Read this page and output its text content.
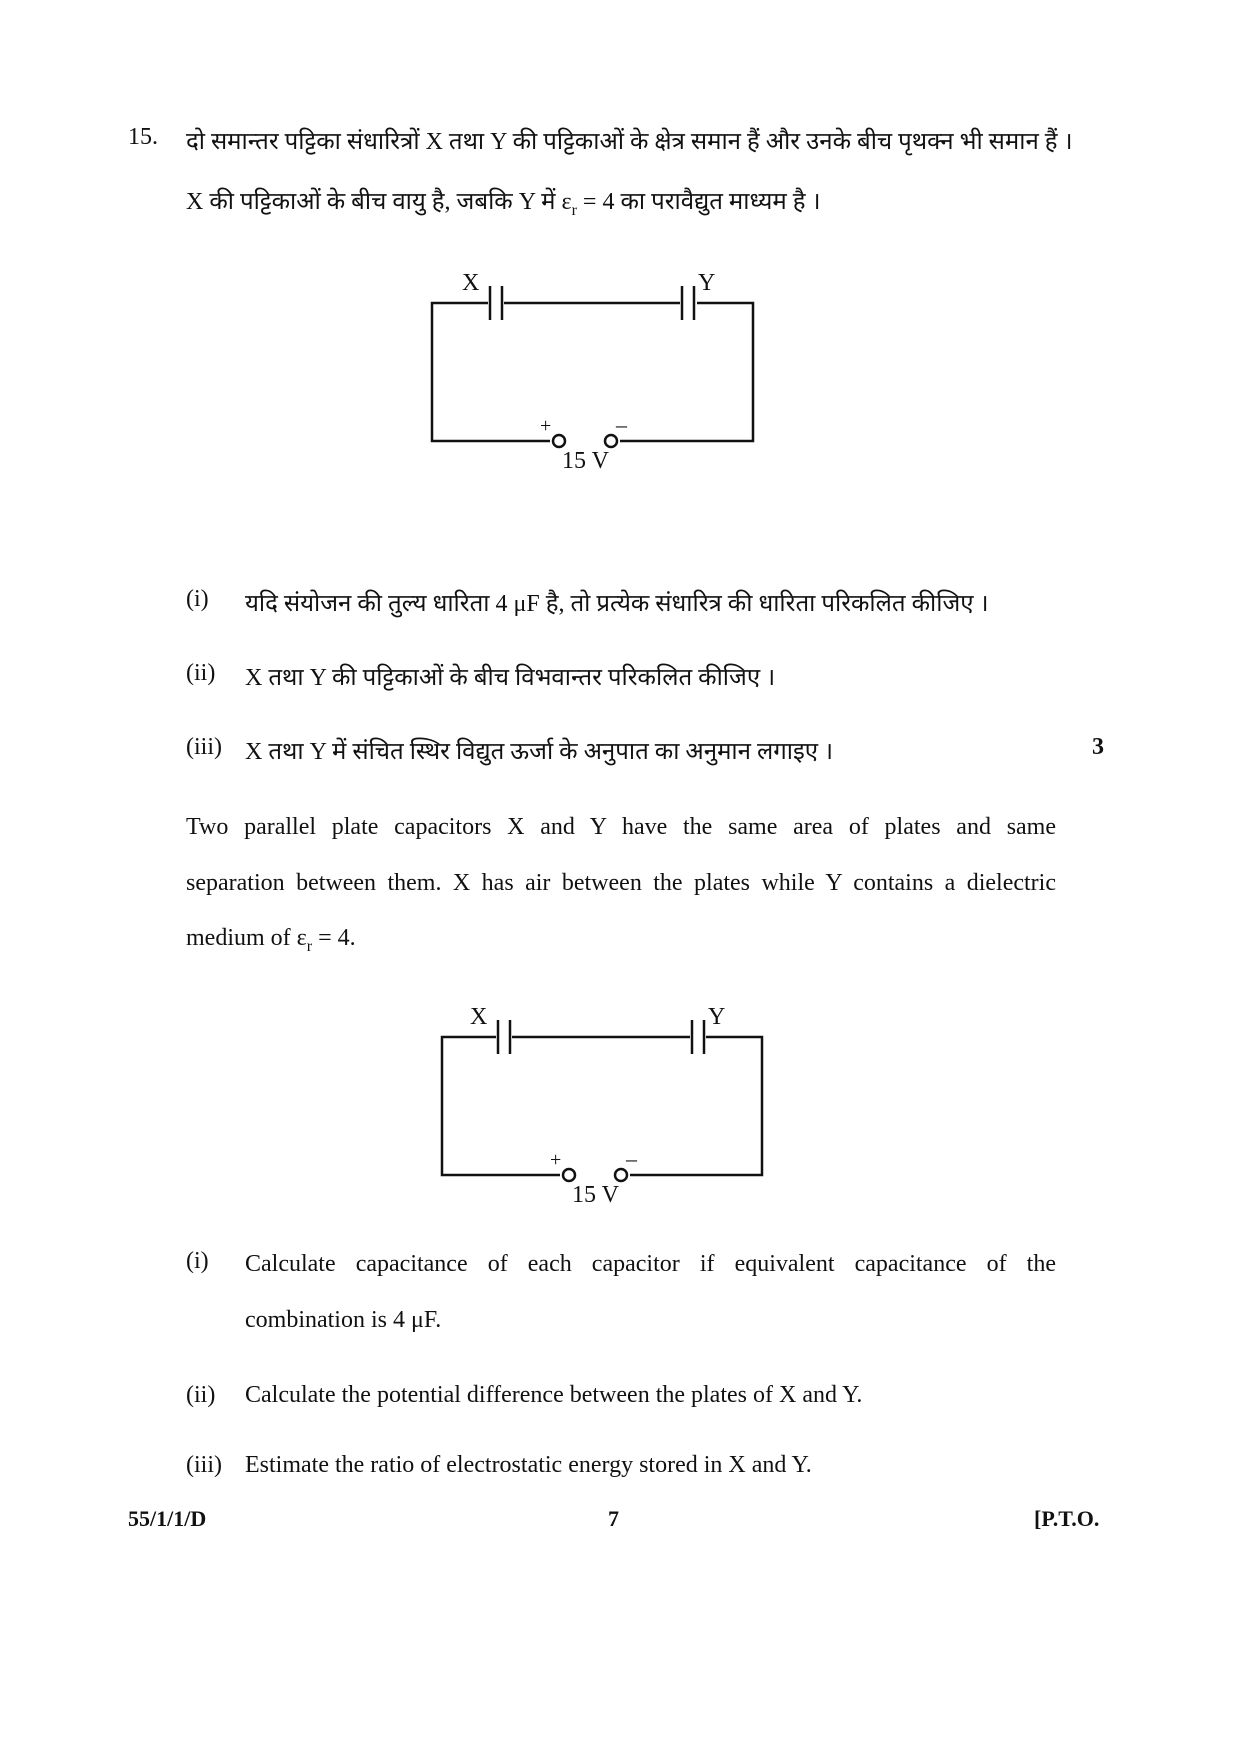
15. दो समान्तर पट्टिका संधारित्रों X तथा Y की पट्टिकाओं के क्षेत्र समान हैं और उनके बीच पृथक्न भी समान हैं ।
X की पट्टिकाओं के बीच वायु है, जबकि Y में $\varepsilon_r = 4$ का परावैद्युत माध्यम है ।
X	Y
+	–
15 V
(i) यदि संयोजन की तुल्य धारिता 4 μF है, तो प्रत्येक संधारित्र की धारिता परिकलित कीजिए ।
(ii) X तथा Y की पट्टिकाओं के बीच विभवान्तर परिकलित कीजिए ।
(iii) X तथा Y में संचित स्थिर विद्युत ऊर्जा के अनुपात का अनुमान लगाइए ।	3
Two parallel plate capacitors X and Y have the same area of plates and same
separation between them. X has air between the plates while Y contains a dielectric
medium of $\varepsilon_r = 4$.
X	Y
+	–
15 V
(i) Calculate capacitance of each capacitor if equivalent capacitance of the
combination is 4 μF.
(ii) Calculate the potential difference between the plates of X and Y.
(iii) Estimate the ratio of electrostatic energy stored in X and Y.
55/1/1/D	7	[P.T.O.
